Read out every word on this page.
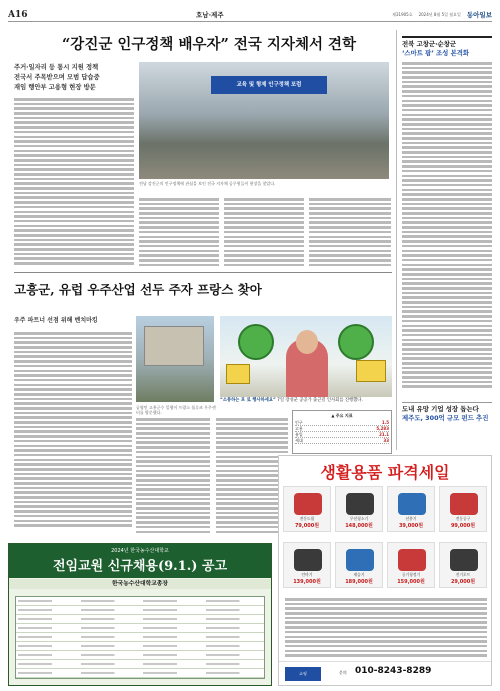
A16	호남·제주	제31905호 2024년 8월 5일 월요일 동아일보
“강진군 인구정책 배우자” 전국 지자체서 견학
주거·일자리 등 통시 지원 정책
전국서 주목받으며 모범 답습중
재임 행안부 고용형 현장 방문	교육 및 형제 인구정책 포럼
전남 강진군의 인구정책에 관심을 보인 전국 지자체 공무원들이 현장을 찾았다.
전북 고창군·순창군
‘스마트 팜’ 조성 본격화
고흥군, 유럽 우주산업 선두 주자 프랑스 찾아
우주 파트너 선점 위해 벤치마킹
공영민 고흥군수 일행이 프랑스 툴루즈 우주센터를 방문했다.
“소통하는 포 로 행사하세요” 7일 장성군 공공가 출근길 인사회를 진행했다.
▲ 주요 지표
인구	1.5
고용	5,283
유입	21.1
세대	33
도내 유망 기업 성장 돕는다
제주도, 300억 규모 펀드 추진
2024년 한국농수산대학교
전임교원 신규채용(9.1.) 공고
한국농수산대학교총장
생활용품 파격세일
전동드릴
79,000원
무선청소기
148,000원
선풍기
39,000원
전동공구
99,000원
안마기
139,000원
제습기
189,000원
공기청정기
159,000원
전기포트
29,000원
쇼핑	문의 010-8243-8289
